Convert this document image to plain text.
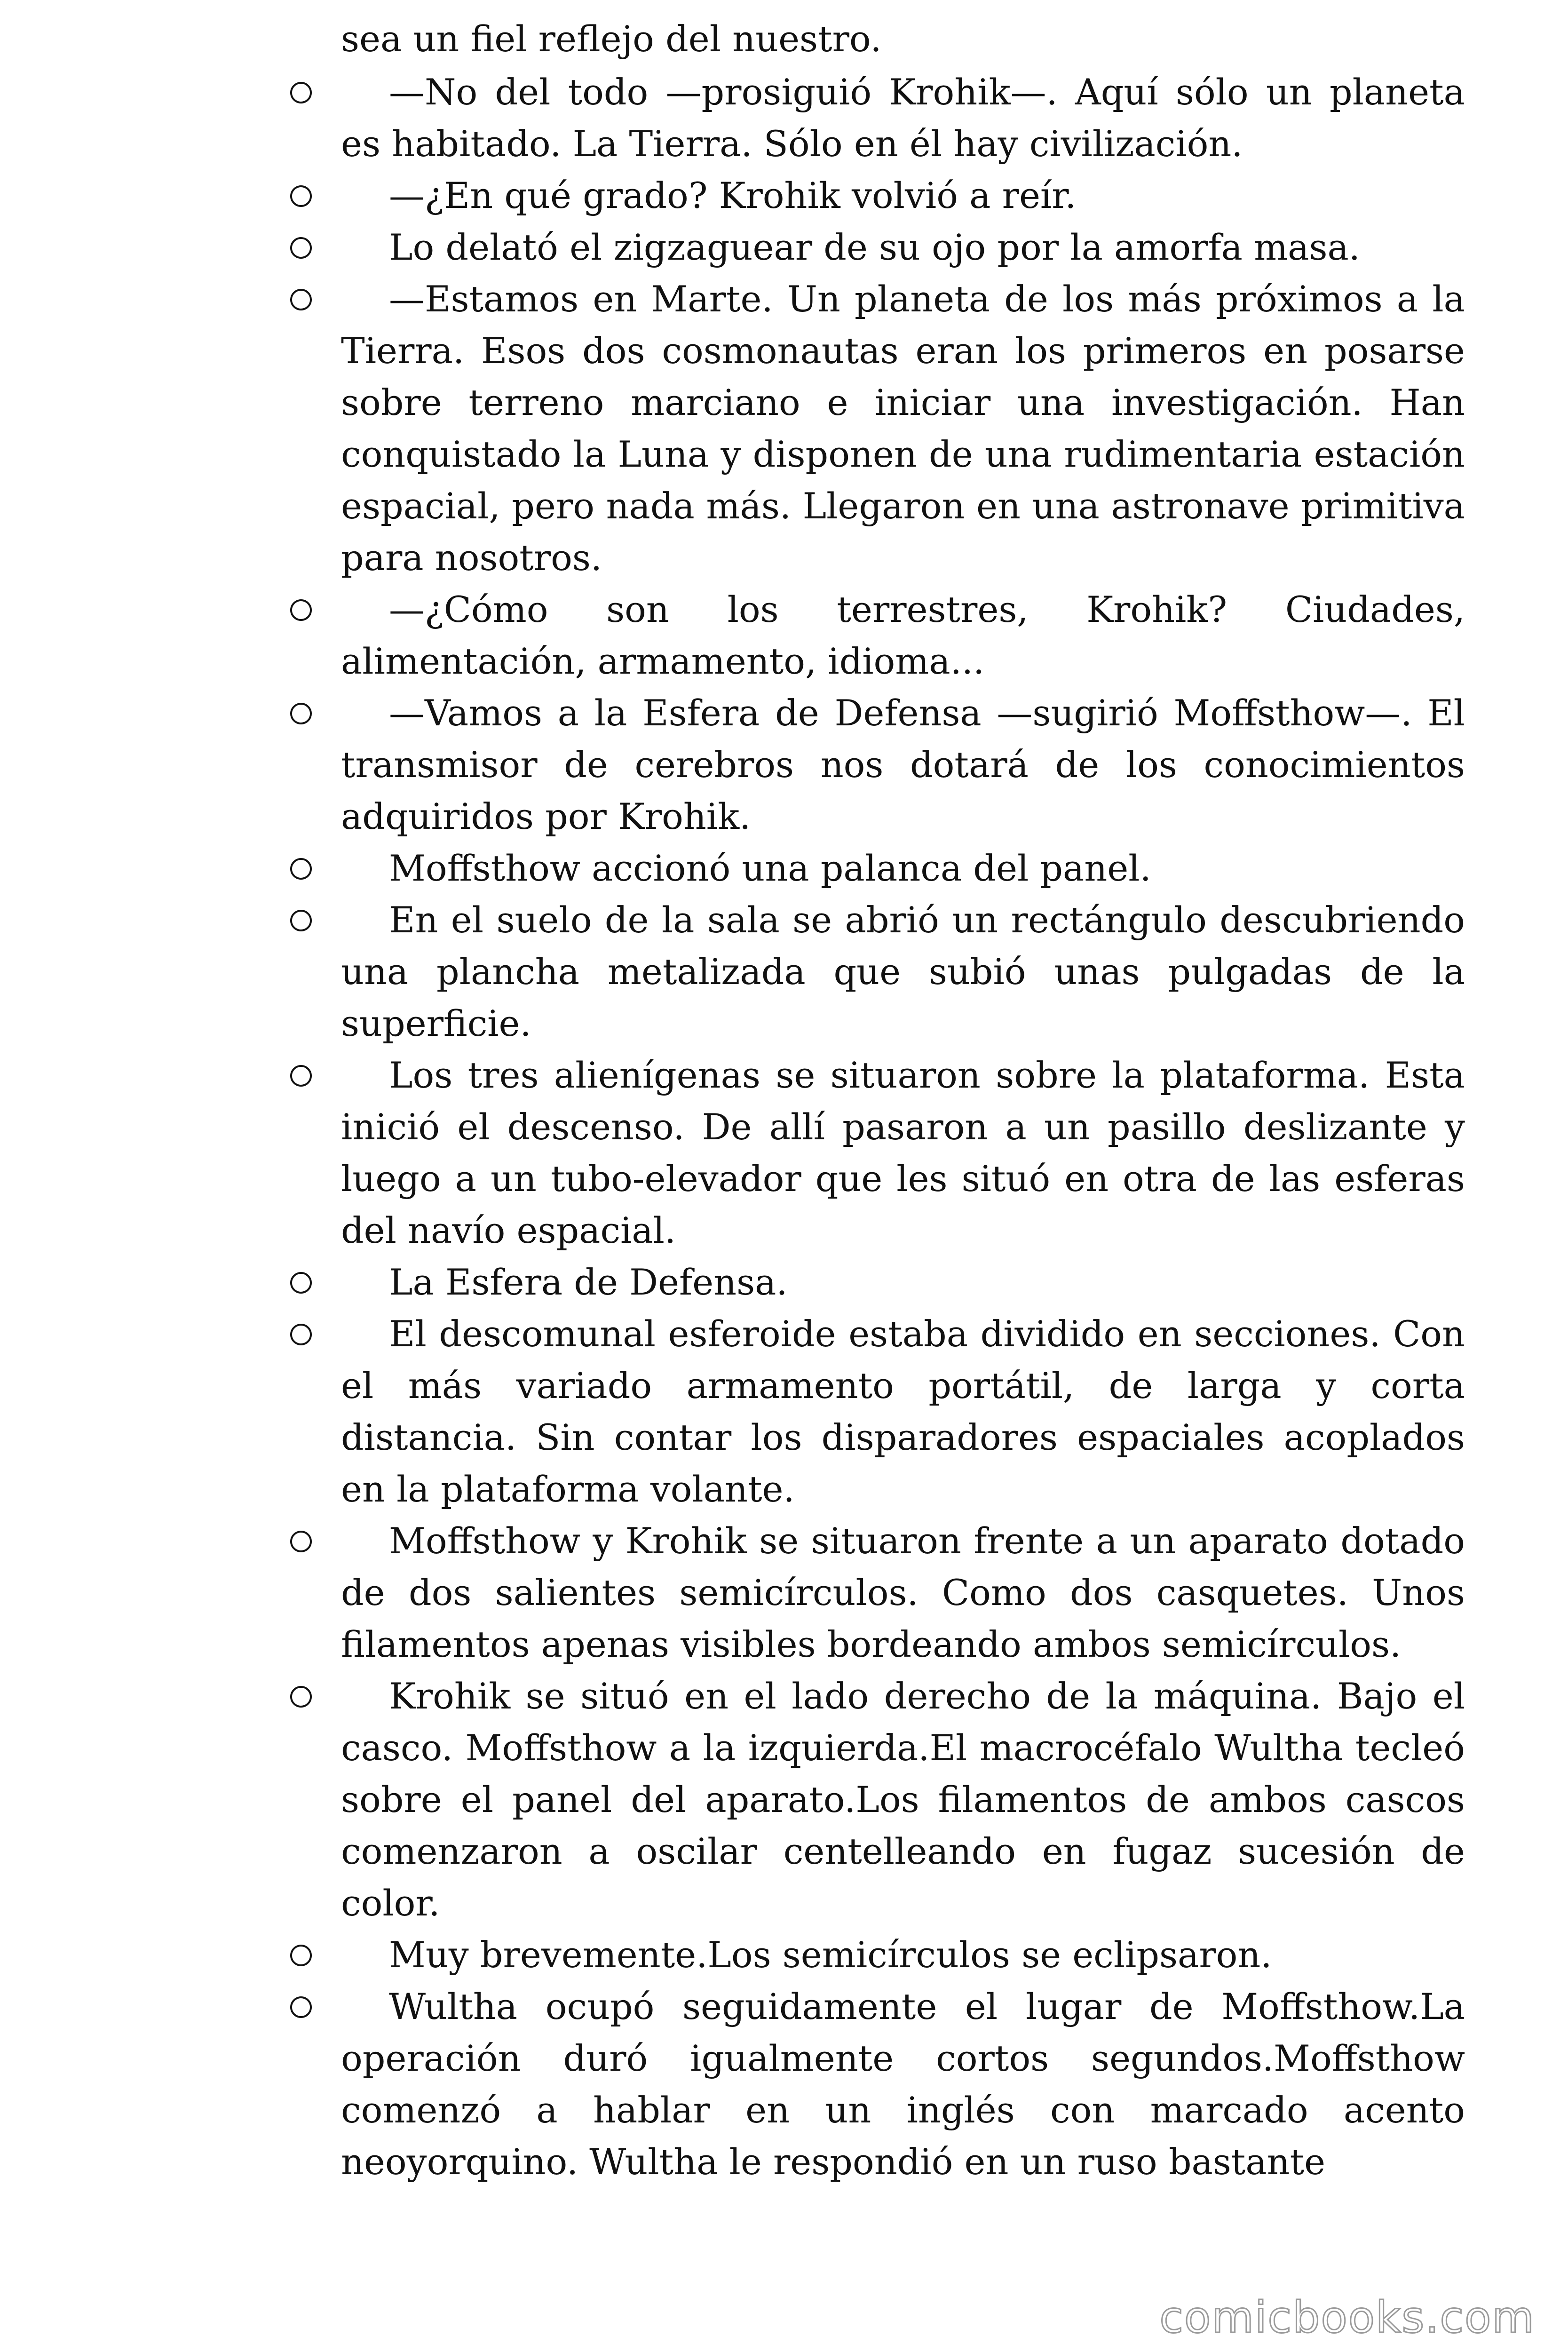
sea un fiel reflejo del nuestro.

—No del todo —prosiguió Krohik—. Aquí sólo un planeta es habitado. La Tierra. Sólo en él hay civilización.

—¿En qué grado? Krohik volvió a reír.

Lo delató el zigzaguear de su ojo por la amorfa masa.

—Estamos en Marte. Un planeta de los más próximos a la Tierra. Esos dos cosmonautas eran los primeros en posarse sobre terreno marciano e iniciar una investigación. Han conquistado la Luna y disponen de una rudimentaria estación espacial, pero nada más. Llegaron en una astronave primitiva para nosotros.

—¿Cómo son los terrestres, Krohik? Ciudades, alimentación, armamento, idioma...

—Vamos a la Esfera de Defensa —sugirió Moffsthow—. El transmisor de cerebros nos dotará de los conocimientos adquiridos por Krohik.

Moffsthow accionó una palanca del panel.

En el suelo de la sala se abrió un rectángulo descubriendo una plancha metalizada que subió unas pulgadas de la superficie.

Los tres alienígenas se situaron sobre la plataforma. Esta inició el descenso. De allí pasaron a un pasillo deslizante y luego a un tubo-elevador que les situó en otra de las esferas del navío espacial.

La Esfera de Defensa.

El descomunal esferoide estaba dividido en secciones. Con el más variado armamento portátil, de larga y corta distancia. Sin contar los disparadores espaciales acoplados en la plataforma volante.

Moffsthow y Krohik se situaron frente a un aparato dotado de dos salientes semicírculos. Como dos casquetes. Unos filamentos apenas visibles bordeando ambos semicírculos.

Krohik se situó en el lado derecho de la máquina. Bajo el casco. Moffsthow a la izquierda.El macrocéfalo Wultha tecleó sobre el panel del aparato.Los filamentos de ambos cascos comenzaron a oscilar centelleando en fugaz sucesión de color.

Muy brevemente.Los semicírculos se eclipsaron.

Wultha ocupó seguidamente el lugar de Moffsthow.La operación duró igualmente cortos segundos.Moffsthow comenzó a hablar en un inglés con marcado acento neoyorquino. Wultha le respondió en un ruso bastante

comicbooks.com
